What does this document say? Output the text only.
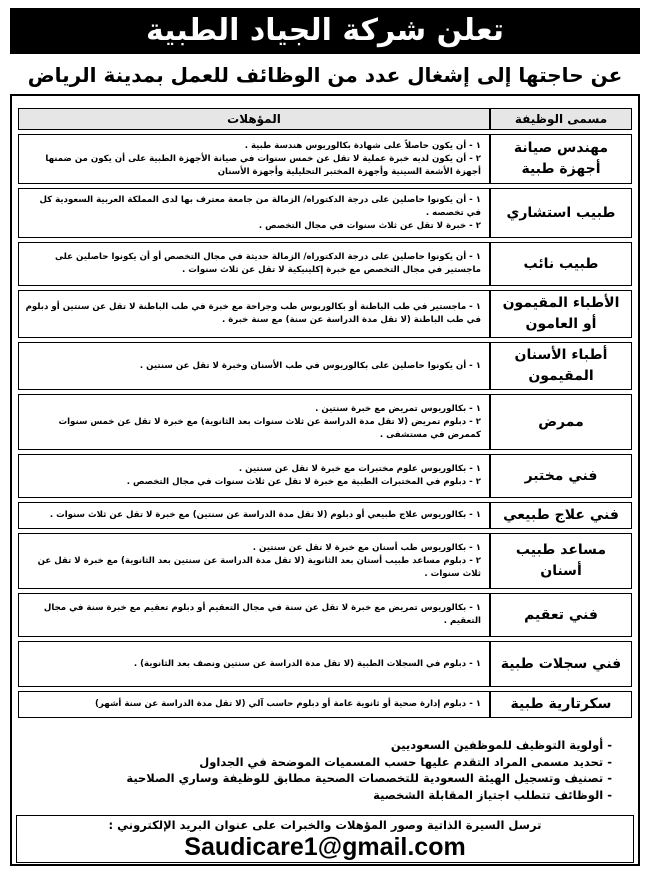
تعلن شركة الجياد الطبية
عن حاجتها إلى إشغال عدد من الوظائف للعمل بمدينة الرياض
مسمى الوظيفة	المؤهلات
مهندس صيانة أجهزة طبية	١ - أن يكون حاصلاً على شهادة بكالوريوس هندسة طبية .
٢ - أن يكون لديه خبرة عملية لا تقل عن خمس سنوات في صيانة الأجهزة الطبية على أن يكون من ضمنها أجهزة الأشعة السينية وأجهزة المختبر التحليلية وأجهزة الأسنان

طبيب استشاري	١ - أن يكونوا حاصلين على درجة الدكتوراه/ الزمالة من جامعة معترف بها لدى المملكة العربية السعودية كل في تخصصه .
٢ - خبرة لا تقل عن ثلاث سنوات في مجال التخصص .

طبيب نائب	١ - أن يكونوا حاصلين على درجة الدكتوراه/ الزمالة حديثة في مجال التخصص أو أن يكونوا حاصلين على ماجستير في مجال التخصص مع خبرة إكلينيكية لا تقل عن ثلاث سنوات .

الأطباء المقيمون أو العامون	١ - ماجستير في طب الباطنة أو بكالوريوس طب وجراحة مع خبرة في طب الباطنة لا تقل عن سنتين أو دبلوم في طب الباطنة (لا تقل مدة الدراسة عن سنة) مع سنة خبرة .

أطباء الأسنان المقيمون	١ - أن يكونوا حاصلين على بكالوريوس في طب الأسنان وخبرة لا تقل عن سنتين .

ممرض	١ - بكالوريوس تمريض مع خبرة سنتين .
٢ - دبلوم تمريض (لا تقل مدة الدراسة عن ثلاث سنوات بعد الثانوية) مع خبرة لا تقل عن خمس سنوات كممرض في مستشفى .

فني مختبر	١ - بكالوريوس علوم مختبرات مع خبرة لا تقل عن سنتين .
٢ - دبلوم في المختبرات الطبية مع خبرة لا تقل عن ثلاث سنوات في مجال التخصص .

فني علاج طبيعي	١ - بكالوريوس علاج طبيعي أو دبلوم (لا تقل مدة الدراسة عن سنتين) مع خبرة لا تقل عن ثلاث سنوات .

مساعد طبيب أسنان	١ - بكالوريوس طب أسنان مع خبرة لا تقل عن سنتين .
٢ - دبلوم مساعد طبيب أسنان بعد الثانوية (لا تقل مدة الدراسة عن سنتين بعد الثانوية) مع خبرة لا تقل عن ثلاث سنوات .

فني تعقيم	١ - بكالوريوس تمريض مع خبرة لا تقل عن سنة في مجال التعقيم أو دبلوم تعقيم مع خبرة سنة في مجال التعقيم .

فني سجلات طبية	١ - دبلوم في السجلات الطبية (لا تقل مدة الدراسة عن سنتين ونصف بعد الثانوية) .

سكرتارية طبية	١ - دبلوم إدارة صحية أو ثانوية عامة أو دبلوم حاسب آلي (لا تقل مدة الدراسة عن سنة أشهر)
- أولوية التوظيف للموظفين السعوديين
- تحديد مسمى المراد التقدم عليها حسب المسميات الموضحة في الجداول
- تصنيف وتسجيل الهيئة السعودية للتخصصات الصحية مطابق للوظيفة وساري الصلاحية
- الوظائف تتطلب اجتياز المقابلة الشخصية
ترسل السيرة الذاتية وصور المؤهلات والخبرات على عنوان البريد الإلكتروني :
Saudicare1@gmail.com
